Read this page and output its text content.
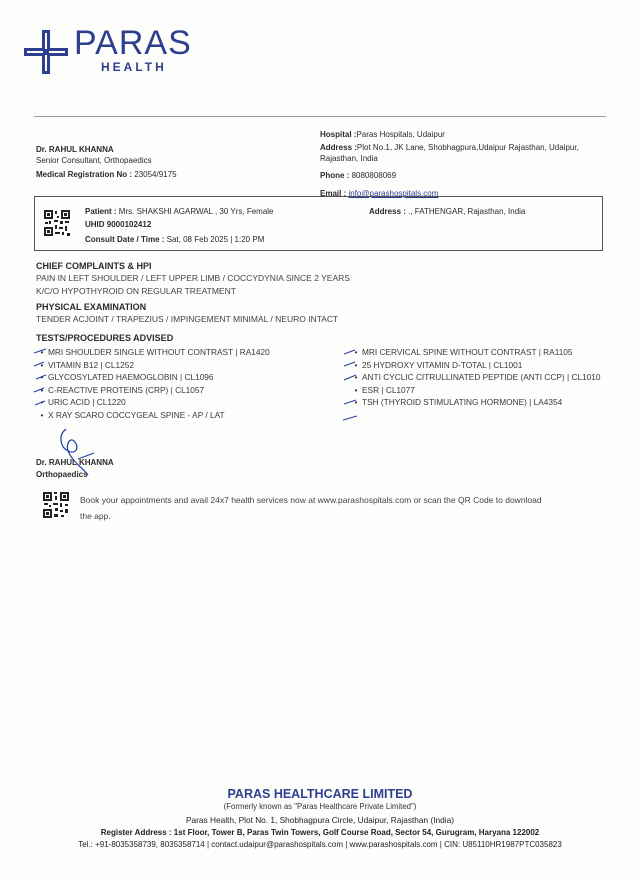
PARAS
HEALTH
Dr. RAHUL KHANNA
Senior Consultant, Orthopaedics
Medical Registration No : 23054/9175
Hospital :Paras Hospitals, Udaipur
Address :Plot No.1, JK Lane, Shobhagpura,Udaipur Rajasthan, Udaipur, Rajasthan, India
Phone : 8080808069
Email : info@parashospitals.com
Patient : Mrs. SHAKSHI AGARWAL , 30 Yrs, Female
UHID 9000102412
Consult Date / Time : Sat, 08 Feb 2025 | 1:20 PM
Address : ., FATHENGAR, Rajasthan, India
CHIEF COMPLAINTS & HPI
PAIN IN LEFT SHOULDER / LEFT UPPER LIMB / COCCYDYNIA SINCE 2 YEARS
K/C/O HYPOTHYROID ON REGULAR TREATMENT
PHYSICAL EXAMINATION
TENDER ACJOINT / TRAPEZIUS / IMPINGEMENT MINIMAL / NEURO INTACT
TESTS/PROCEDURES ADVISED
• MRI SHOULDER SINGLE WITHOUT CONTRAST | RA1420
• VITAMIN B12 | CL1252
• GLYCOSYLATED HAEMOGLOBIN | CL1096
• C-REACTIVE PROTEINS (CRP) | CL1057
• URIC ACID | CL1220
• X RAY SCARO COCCYGEAL SPINE - AP / LAT
• MRI CERVICAL SPINE WITHOUT CONTRAST | RA1105
• 25 HYDROXY VITAMIN D-TOTAL | CL1001
• ANTI CYCLIC CITRULLINATED PEPTIDE (ANTI CCP) | CL1010
• ESR | CL1077
• TSH (THYROID STIMULATING HORMONE) | LA4354
Dr. RAHUL KHANNA
Orthopaedics
Book your appointments and avail 24x7 health services now at www.parashospitals.com or scan the QR Code to download
the app.
PARAS HEALTHCARE LIMITED
(Formerly known as "Paras Healthcare Private Limited")
Paras Health, Plot No. 1, Shobhagpura Circle, Udaipur, Rajasthan (India)
Register Address : 1st Floor, Tower B, Paras Twin Towers, Golf Course Road, Sector 54, Gurugram, Haryana 122002
Tel.: +91-8035358739, 8035358714 | contact.udaipur@parashospitals.com | www.parashospitals.com | CIN: U85110HR1987PTC035823
